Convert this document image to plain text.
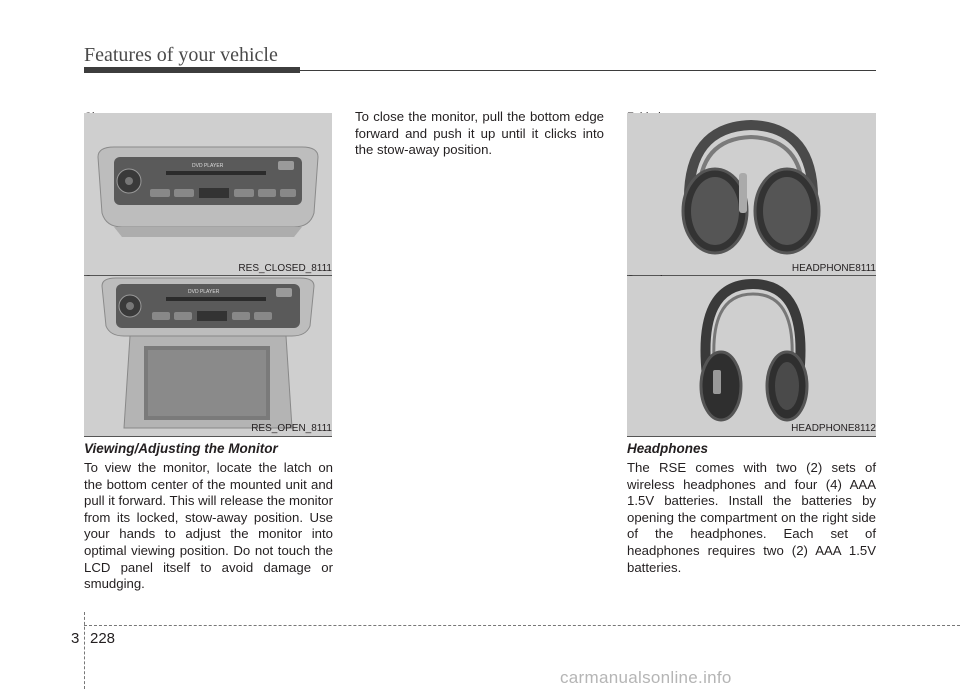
Features of your vehicle
DVD PLAYER
RES_CLOSED_8111
DVD PLAYER
RES_OPEN_8111
HEADPHONE8111
HEADPHONE8112
Viewing/Adjusting the Monitor

To view the monitor, locate the latch on the bottom center of the mounted unit and pull it forward. This will release the monitor from its locked, stow-away position. Use your hands to adjust the monitor into optimal viewing position. Do not touch the LCD panel itself to avoid damage or smudging.

To close the monitor, pull the bottom edge forward and push it up until it clicks into the stow-away position.

Headphones

The RSE comes with two (2) sets of wireless headphones and four (4) AAA 1.5V batteries. Install the batteries by opening the compartment on the right side of the headphones. Each set of headphones requires two (2) AAA 1.5V batteries.

3 228
carmanualsonline.info
